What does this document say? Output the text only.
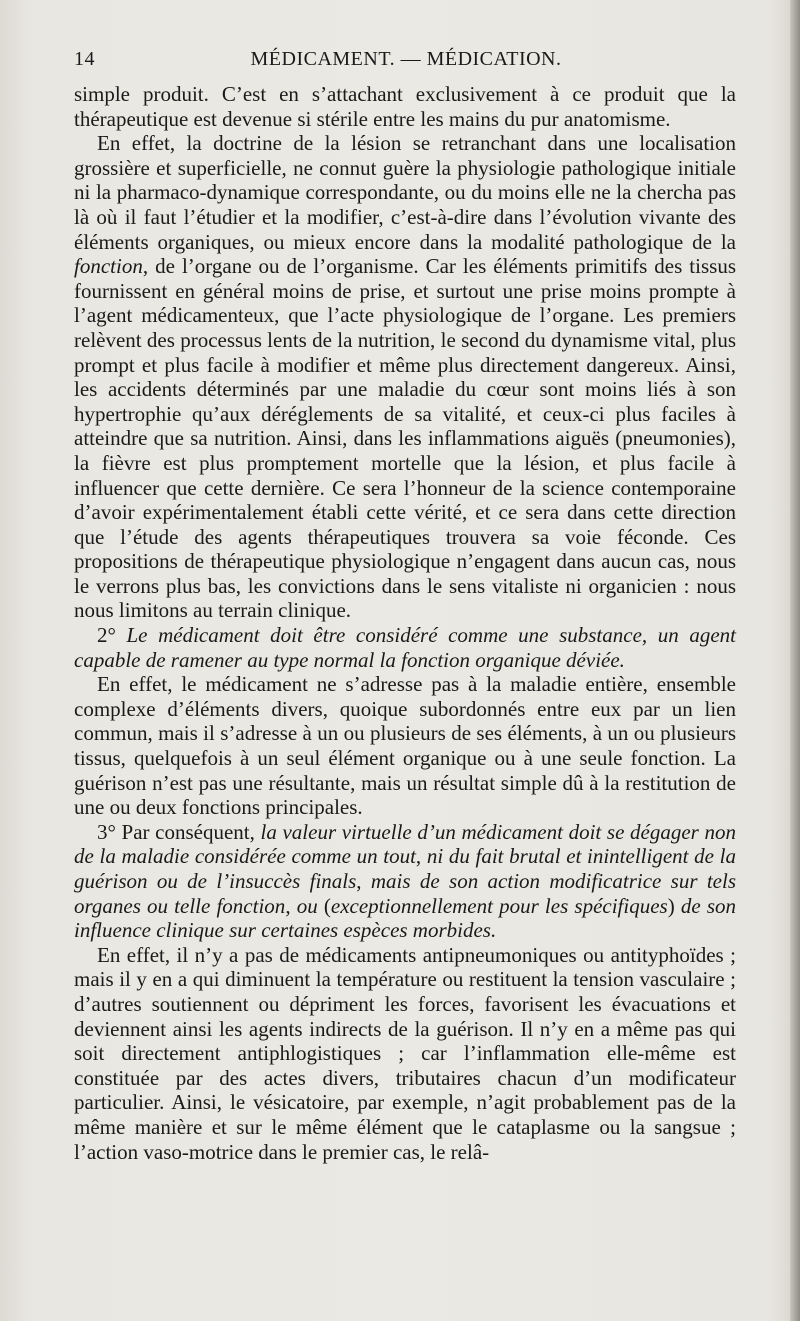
14	MÉDICAMENT. — MÉDICATION.

simple produit. C’est en s’attachant exclusivement à ce produit que la thérapeutique est devenue si stérile entre les mains du pur anatomisme.

En effet, la doctrine de la lésion se retranchant dans une localisation grossière et superficielle, ne connut guère la physiologie pathologique initiale ni la pharmaco-dynamique correspondante, ou du moins elle ne la chercha pas là où il faut l’étudier et la modifier, c’est-à-dire dans l’évolution vivante des éléments organiques, ou mieux encore dans la modalité pathologique de la fonction, de l’organe ou de l’organisme. Car les éléments primitifs des tissus fournissent en général moins de prise, et surtout une prise moins prompte à l’agent médicamenteux, que l’acte physiologique de l’organe. Les premiers relèvent des processus lents de la nutrition, le second du dynamisme vital, plus prompt et plus facile à modifier et même plus directement dangereux. Ainsi, les accidents déterminés par une maladie du cœur sont moins liés à son hypertrophie qu’aux déréglements de sa vitalité, et ceux-ci plus faciles à atteindre que sa nutrition. Ainsi, dans les inflammations aiguës (pneumonies), la fièvre est plus promptement mortelle que la lésion, et plus facile à influencer que cette dernière. Ce sera l’honneur de la science contemporaine d’avoir expérimentalement établi cette vérité, et ce sera dans cette direction que l’étude des agents thérapeutiques trouvera sa voie féconde. Ces propositions de thérapeutique physiologique n’engagent dans aucun cas, nous le verrons plus bas, les convictions dans le sens vitaliste ni organicien : nous nous limitons au terrain clinique.

2° Le médicament doit être considéré comme une substance, un agent capable de ramener au type normal la fonction organique déviée.

En effet, le médicament ne s’adresse pas à la maladie entière, ensemble complexe d’éléments divers, quoique subordonnés entre eux par un lien commun, mais il s’adresse à un ou plusieurs de ses éléments, à un ou plusieurs tissus, quelquefois à un seul élément organique ou à une seule fonction. La guérison n’est pas une résultante, mais un résultat simple dû à la restitution de une ou deux fonctions principales.

3° Par conséquent, la valeur virtuelle d’un médicament doit se dégager non de la maladie considérée comme un tout, ni du fait brutal et inintelligent de la guérison ou de l’insuccès finals, mais de son action modificatrice sur tels organes ou telle fonction, ou (exceptionnellement pour les spécifiques) de son influence clinique sur certaines espèces morbides.

En effet, il n’y a pas de médicaments antipneumoniques ou antityphoïdes ; mais il y en a qui diminuent la température ou restituent la tension vasculaire ; d’autres soutiennent ou dépriment les forces, favorisent les évacuations et deviennent ainsi les agents indirects de la guérison. Il n’y en a même pas qui soit directement antiphlogistiques ; car l’inflammation elle-même est constituée par des actes divers, tributaires chacun d’un modificateur particulier. Ainsi, le vésicatoire, par exemple, n’agit probablement pas de la même manière et sur le même élément que le cataplasme ou la sangsue ; l’action vaso-motrice dans le premier cas, le relâ-
